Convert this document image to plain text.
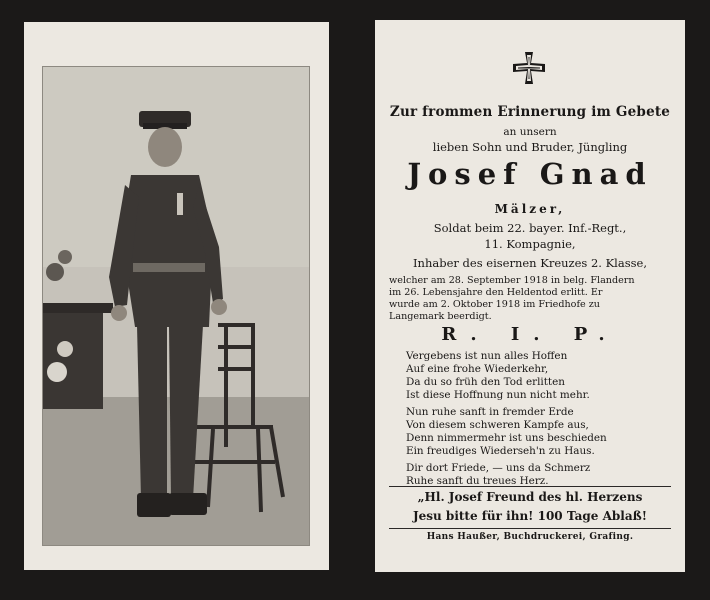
Zur frommen Erinnerung im Gebete
an unsern
lieben Sohn und Bruder, Jüngling
Josef Gnad
Mälzer,
Soldat beim 22. bayer. Inf.-Regt.,
11. Kompagnie,
Inhaber des eisernen Kreuzes 2. Klasse,
welcher am 28. September 1918 in belg. Flandern
im 26. Lebensjahre den Heldentod erlitt. Er
wurde am 2. Oktober 1918 im Friedhofe zu
Langemark beerdigt.
R. I. P.
Vergebens ist nun alles Hoffen
Auf eine frohe Wiederkehr,
Da du so früh den Tod erlitten
Ist diese Hoffnung nun nicht mehr.
Nun ruhe sanft in fremder Erde
Von diesem schweren Kampfe aus,
Denn nimmermehr ist uns beschieden
Ein freudiges Wiederseh'n zu Haus.
Dir dort Friede, — uns da Schmerz
Ruhe sanft du treues Herz.
„Hl. Josef Freund des hl. Herzens
Jesu bitte für ihn! 100 Tage Ablaß!
Hans Haußer, Buchdruckerei, Grafing.
